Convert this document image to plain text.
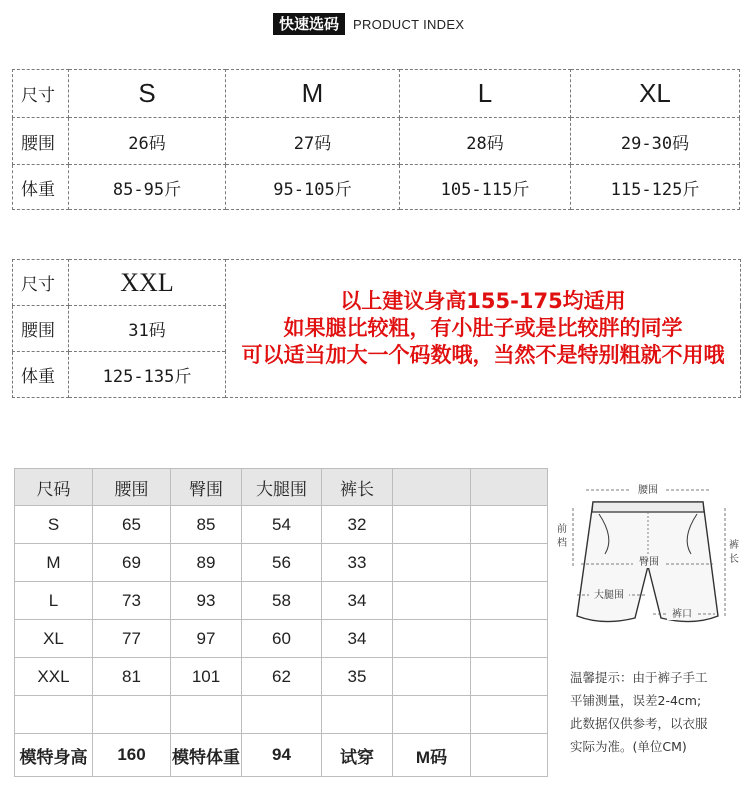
快速选码	PRODUCT INDEX
尺寸	S	M	L	XL
腰围	26码	27码	28码	29-30码
体重	85-95斤	95-105斤	105-115斤	115-125斤
尺寸	XXL	以上建议身高155-175均适用
如果腿比较粗，有小肚子或是比较胖的同学
可以适当加大一个码数哦，当然不是特别粗就不用哦

腰围	31码	
体重	125-135斤	
尺码	腰围	臀围	大腿围	裤长		
S	65	85	54	32		
M	69	89	56	33		
L	73	93	58	34		
XL	77	97	60	34		
XXL	81	101	62	35		

模特身高	160	模特体重	94	试穿	M码	
腰围
臀围
前
档	裤
长
大腿围
裤口
温馨提示：由于裤子手工
平铺测量，误差2-4cm;
此数据仅供参考，以衣服
实际为准。(单位CM)
